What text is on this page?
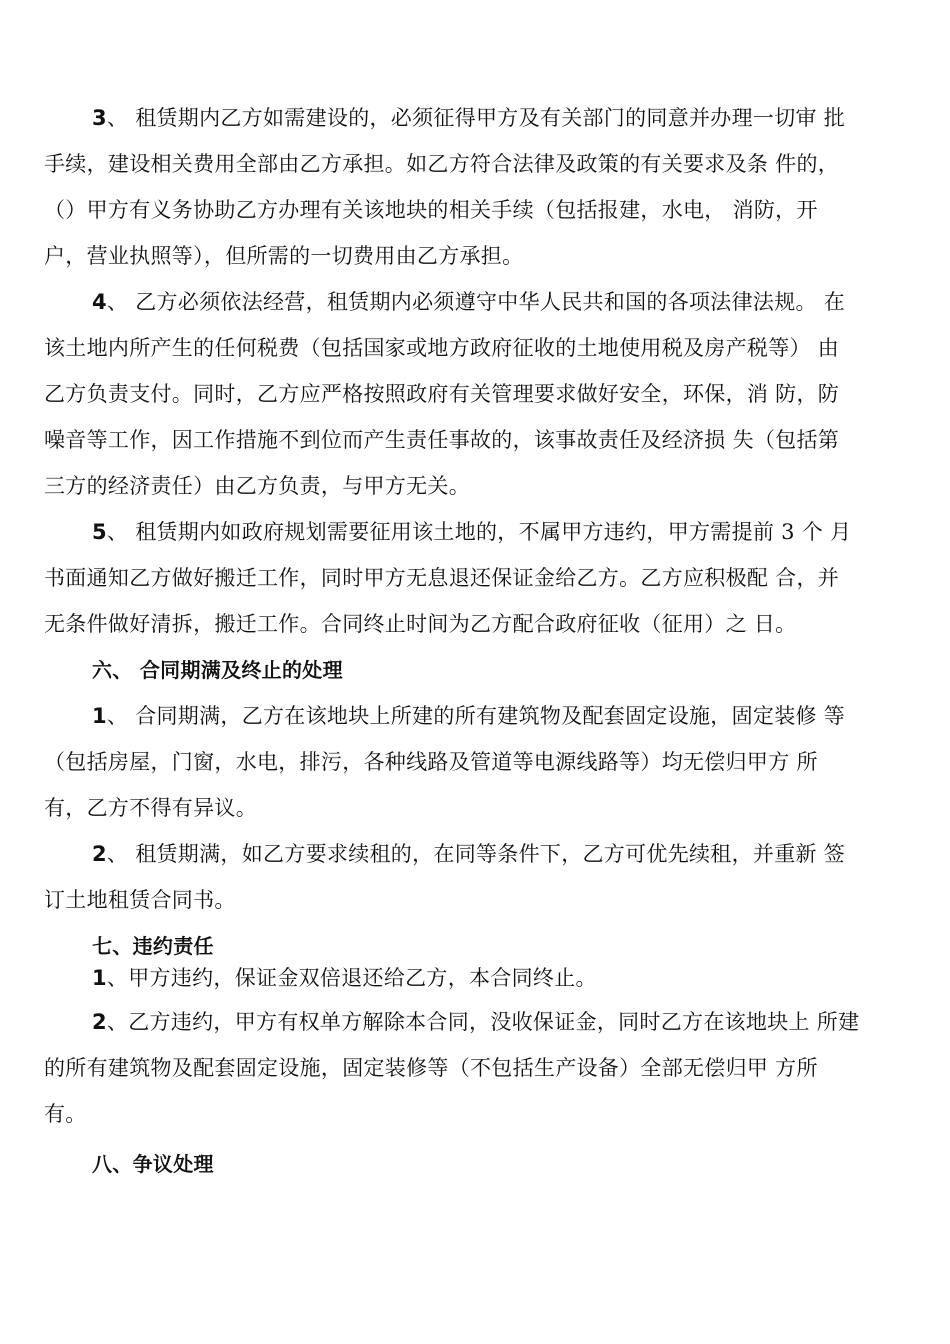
3、 租赁期内乙方如需建设的，必须征得甲方及有关部门的同意并办理一切审 批
手续，建设相关费用全部由乙方承担。如乙方符合法律及政策的有关要求及条 件的，
（）甲方有义务协助乙方办理有关该地块的相关手续（包括报建，水电， 消防，开
户，营业执照等），但所需的一切费用由乙方承担。
4、 乙方必须依法经营，租赁期内必须遵守中华人民共和国的各项法律法规。 在
该土地内所产生的任何税费（包括国家或地方政府征收的土地使用税及房产税等） 由
乙方负责支付。同时，乙方应严格按照政府有关管理要求做好安全，环保，消 防，防
噪音等工作，因工作措施不到位而产生责任事故的，该事故责任及经济损 失（包括第
三方的经济责任）由乙方负责，与甲方无关。
5、 租赁期内如政府规划需要征用该土地的，不属甲方违约，甲方需提前 3 个 月
书面通知乙方做好搬迁工作，同时甲方无息退还保证金给乙方。乙方应积极配 合，并
无条件做好清拆，搬迁工作。合同终止时间为乙方配合政府征收（征用）之 日。
六、 合同期满及终止的处理
1、 合同期满，乙方在该地块上所建的所有建筑物及配套固定设施，固定装修 等
（包括房屋，门窗，水电，排污，各种线路及管道等电源线路等）均无偿归甲方 所
有，乙方不得有异议。
2、 租赁期满，如乙方要求续租的，在同等条件下，乙方可优先续租，并重新 签
订土地租赁合同书。
七、违约责任
1、甲方违约，保证金双倍退还给乙方，本合同终止。
2、乙方违约，甲方有权单方解除本合同，没收保证金，同时乙方在该地块上 所建
的所有建筑物及配套固定设施，固定装修等（不包括生产设备）全部无偿归甲 方所
有。
八、争议处理
